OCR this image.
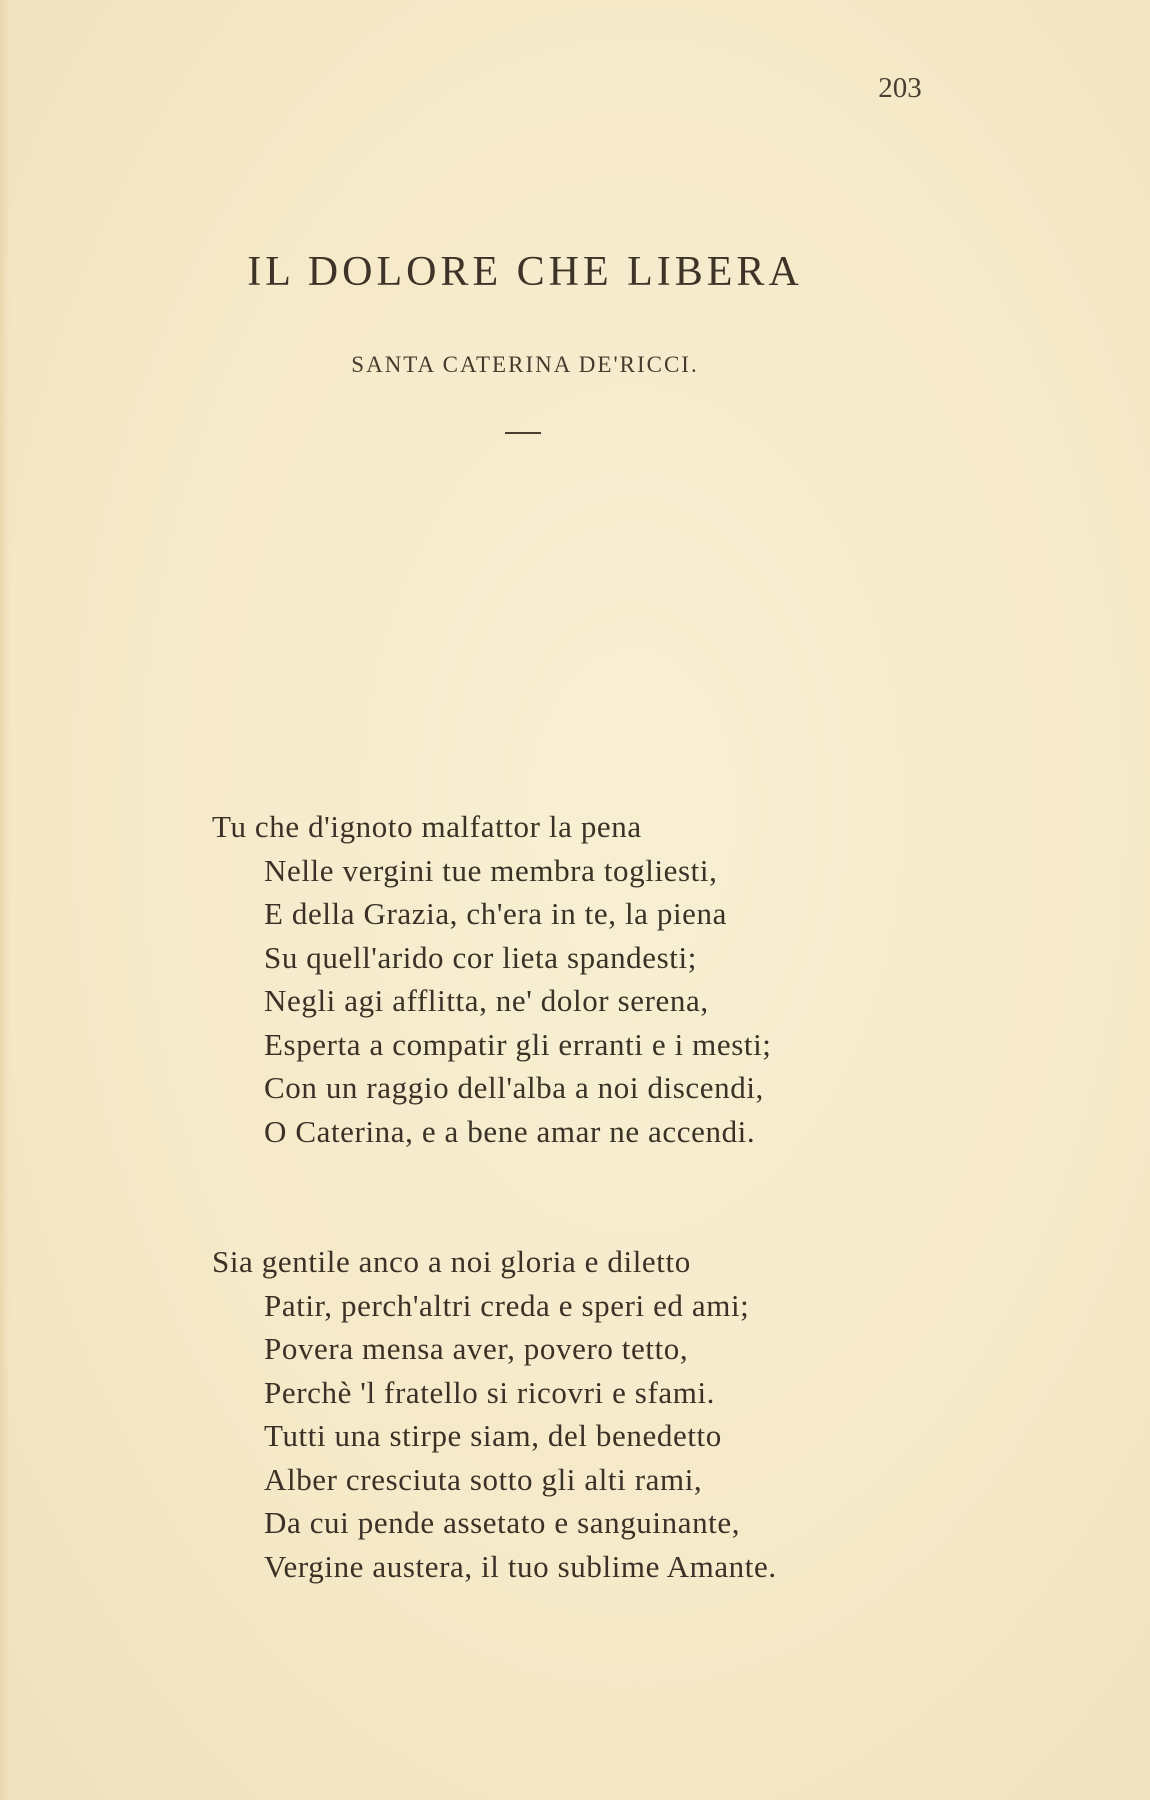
203
IL DOLORE CHE LIBERA
SANTA CATERINA DE'RICCI.
Tu che d'ignoto malfattor la pena
Nelle vergini tue membra togliesti,
E della Grazia, ch'era in te, la piena
Su quell'arido cor lieta spandesti;
Negli agi afflitta, ne' dolor serena,
Esperta a compatir gli erranti e i mesti;
Con un raggio dell'alba a noi discendi,
O Caterina, e a bene amar ne accendi.
Sia gentile anco a noi gloria e diletto
Patir, perch'altri creda e speri ed ami;
Povera mensa aver, povero tetto,
Perchè 'l fratello si ricovri e sfami.
Tutti una stirpe siam, del benedetto
Alber cresciuta sotto gli alti rami,
Da cui pende assetato e sanguinante,
Vergine austera, il tuo sublime Amante.
